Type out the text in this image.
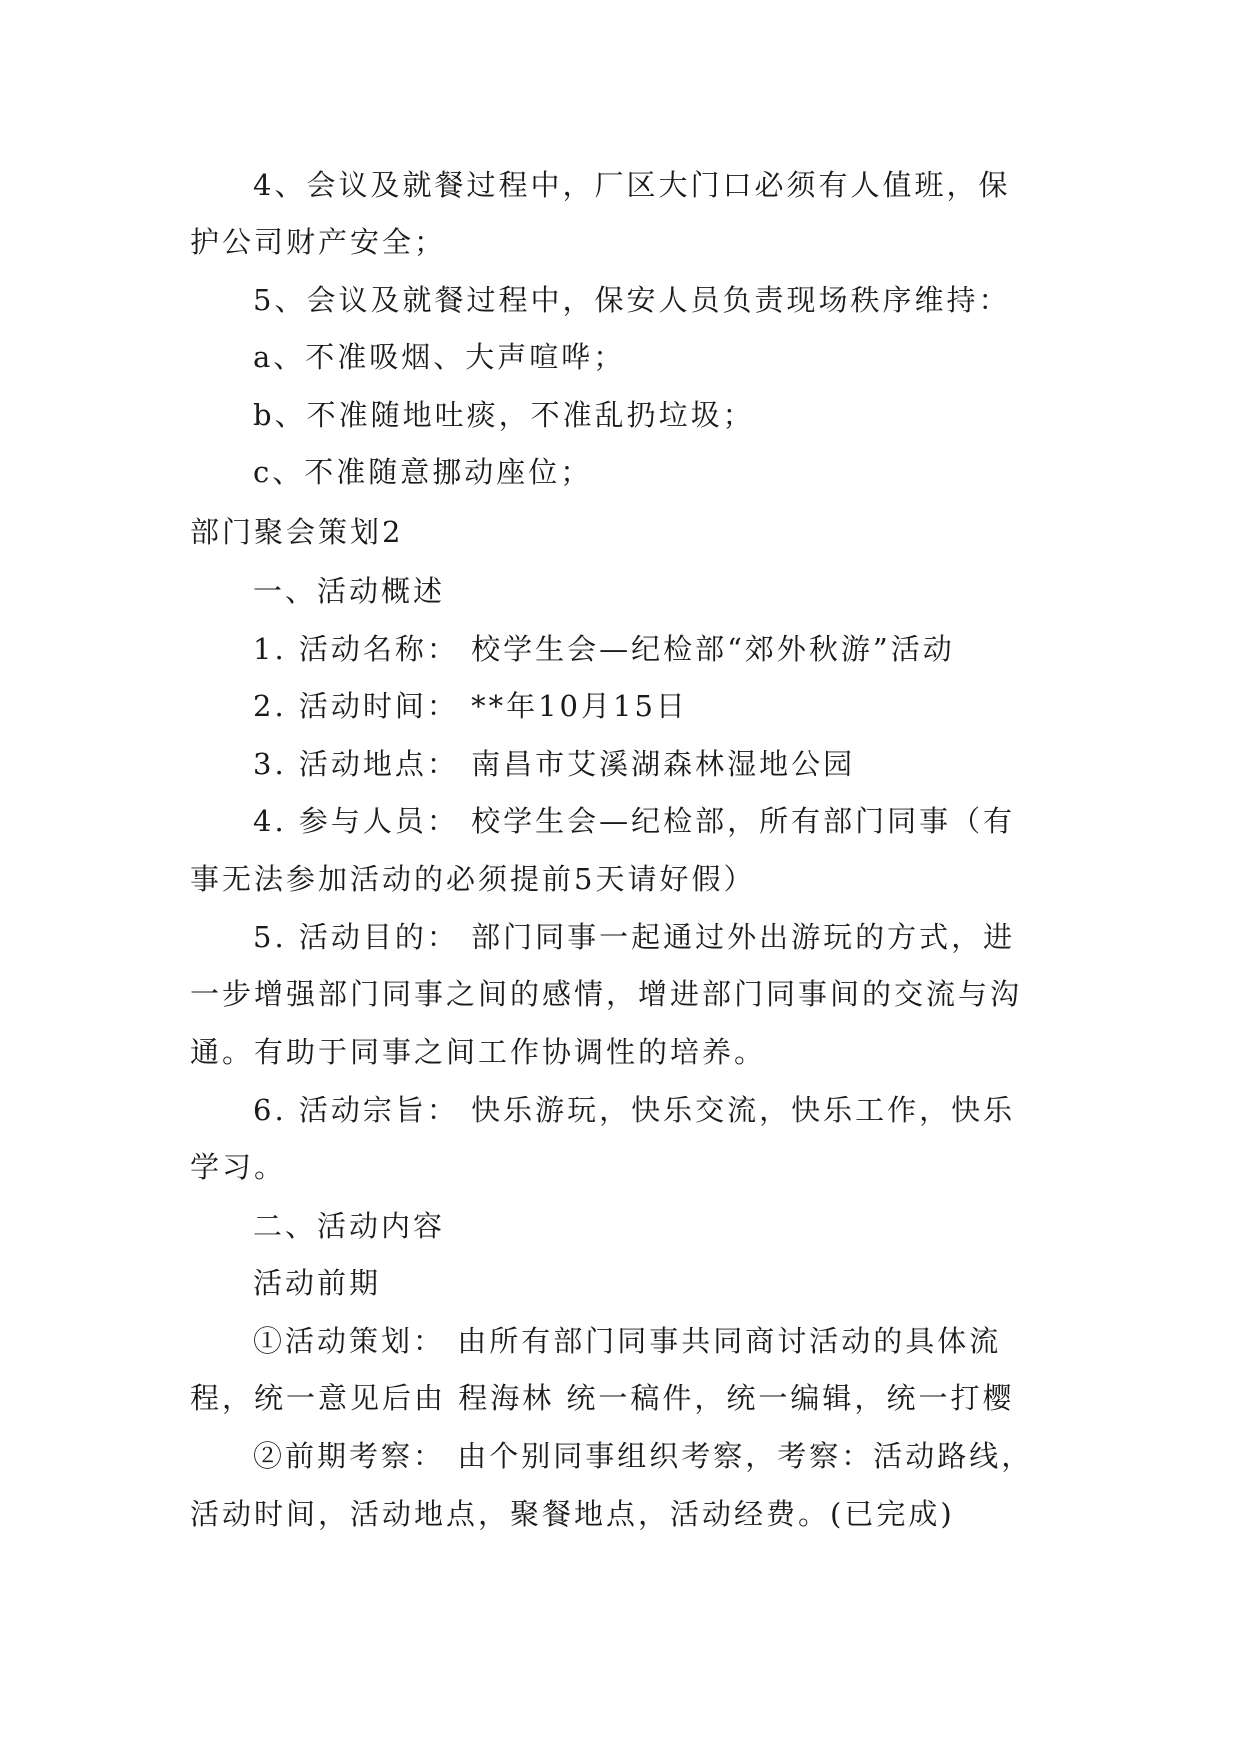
4、会议及就餐过程中，厂区大门口必须有人值班，保
护公司财产安全；
5、会议及就餐过程中，保安人员负责现场秩序维持：
a、不准吸烟、大声喧哗；
b、不准随地吐痰，不准乱扔垃圾；
c、不准随意挪动座位；
部门聚会策划2
一、活动概述
1. 活动名称： 校学生会—纪检部“郊外秋游”活动
2. 活动时间： **年10月15日
3. 活动地点： 南昌市艾溪湖森林湿地公园
4. 参与人员： 校学生会—纪检部，所有部门同事（有
事无法参加活动的必须提前5天请好假）
5. 活动目的： 部门同事一起通过外出游玩的方式，进
一步增强部门同事之间的感情，增进部门同事间的交流与沟
通。有助于同事之间工作协调性的培养。
6. 活动宗旨： 快乐游玩，快乐交流，快乐工作，快乐
学习。
二、活动内容
活动前期
①活动策划： 由所有部门同事共同商讨活动的具体流
程，统一意见后由 程海林 统一稿件，统一编辑，统一打樱
②前期考察： 由个别同事组织考察，考察：活动路线，
活动时间，活动地点，聚餐地点，活动经费。(已完成)
